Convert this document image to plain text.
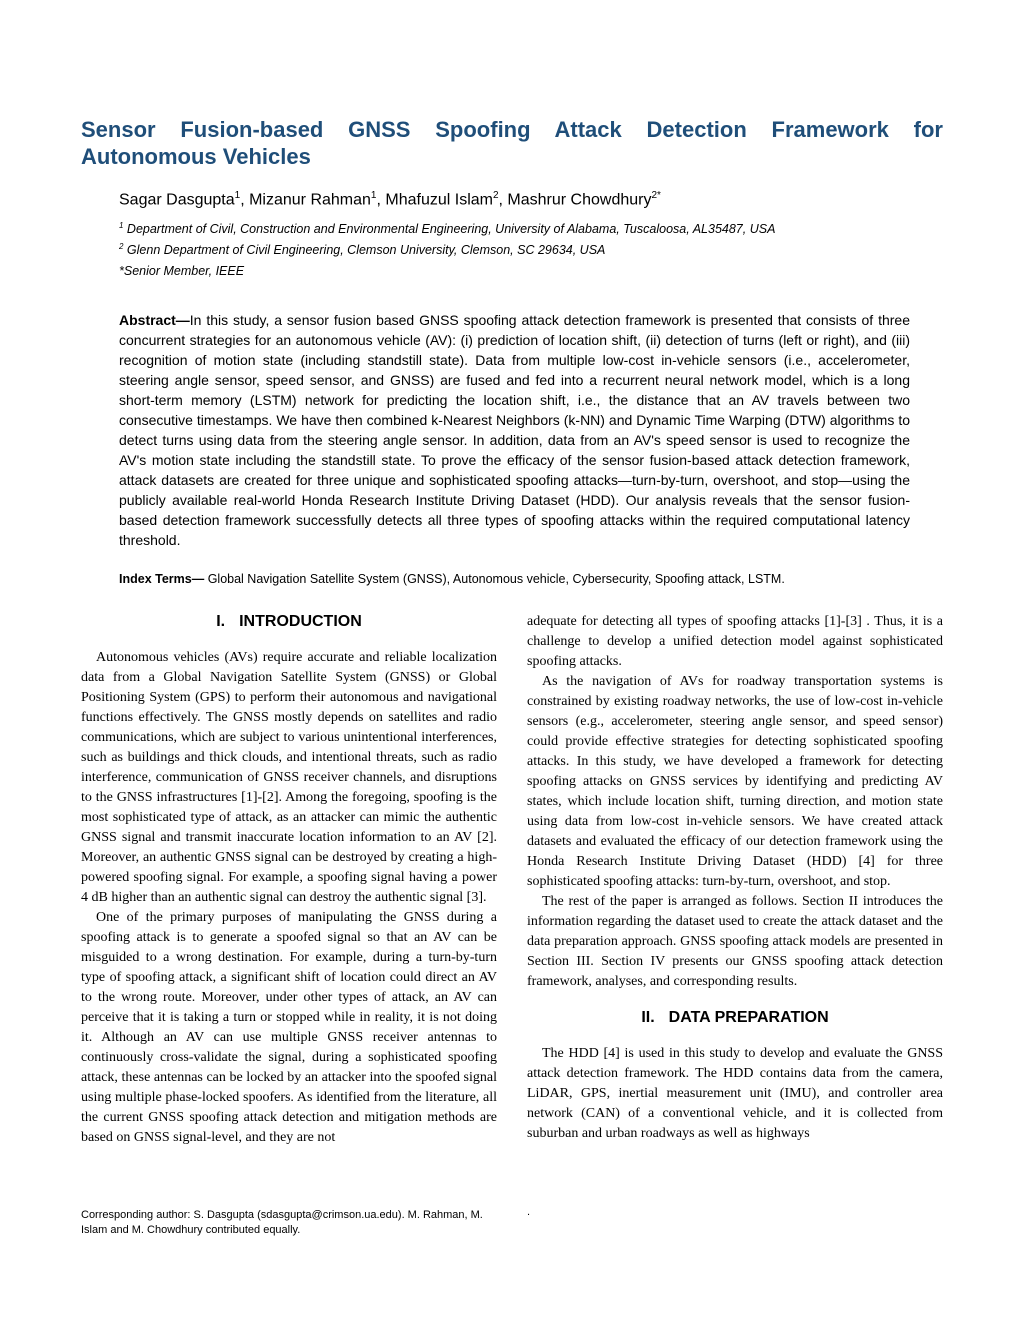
Sensor Fusion-based GNSS Spoofing Attack Detection Framework for Autonomous Vehicles

Sagar Dasgupta$^1$, Mizanur Rahman$^1$, Mhafuzul Islam$^2$, Mashrur Chowdhury$^{2*}$

$^1$ Department of Civil, Construction and Environmental Engineering, University of Alabama, Tuscaloosa, AL35487, USA
$^2$ Glenn Department of Civil Engineering, Clemson University, Clemson, SC 29634, USA
*Senior Member, IEEE

Abstract—In this study, a sensor fusion based GNSS spoofing attack detection framework is presented that consists of three concurrent strategies for an autonomous vehicle (AV): (i) prediction of location shift, (ii) detection of turns (left or right), and (iii) recognition of motion state (including standstill state). Data from multiple low-cost in-vehicle sensors (i.e., accelerometer, steering angle sensor, speed sensor, and GNSS) are fused and fed into a recurrent neural network model, which is a long short-term memory (LSTM) network for predicting the location shift, i.e., the distance that an AV travels between two consecutive timestamps. We have then combined k-Nearest Neighbors (k-NN) and Dynamic Time Warping (DTW) algorithms to detect turns using data from the steering angle sensor. In addition, data from an AV's speed sensor is used to recognize the AV's motion state including the standstill state. To prove the efficacy of the sensor fusion-based attack detection framework, attack datasets are created for three unique and sophisticated spoofing attacks—turn-by-turn, overshoot, and stop—using the publicly available real-world Honda Research Institute Driving Dataset (HDD). Our analysis reveals that the sensor fusion-based detection framework successfully detects all three types of spoofing attacks within the required computational latency threshold.

Index Terms— Global Navigation Satellite System (GNSS), Autonomous vehicle, Cybersecurity, Spoofing attack, LSTM.

I. INTRODUCTION

Autonomous vehicles (AVs) require accurate and reliable localization data from a Global Navigation Satellite System (GNSS) or Global Positioning System (GPS) to perform their autonomous and navigational functions effectively. The GNSS mostly depends on satellites and radio communications, which are subject to various unintentional interferences, such as buildings and thick clouds, and intentional threats, such as radio interference, communication of GNSS receiver channels, and disruptions to the GNSS infrastructures [1]-[2]. Among the foregoing, spoofing is the most sophisticated type of attack, as an attacker can mimic the authentic GNSS signal and transmit inaccurate location information to an AV [2]. Moreover, an authentic GNSS signal can be destroyed by creating a high-powered spoofing signal. For example, a spoofing signal having a power 4 dB higher than an authentic signal can destroy the authentic signal [3].

One of the primary purposes of manipulating the GNSS during a spoofing attack is to generate a spoofed signal so that an AV can be misguided to a wrong destination. For example, during a turn-by-turn type of spoofing attack, a significant shift of location could direct an AV to the wrong route. Moreover, under other types of attack, an AV can perceive that it is taking a turn or stopped while in reality, it is not doing it. Although an AV can use multiple GNSS receiver antennas to continuously cross-validate the signal, during a sophisticated spoofing attack, these antennas can be locked by an attacker into the spoofed signal using multiple phase-locked spoofers. As identified from the literature, all the current GNSS spoofing attack detection and mitigation methods are based on GNSS signal-level, and they are not

adequate for detecting all types of spoofing attacks [1]-[3] . Thus, it is a challenge to develop a unified detection model against sophisticated spoofing attacks.

As the navigation of AVs for roadway transportation systems is constrained by existing roadway networks, the use of low-cost in-vehicle sensors (e.g., accelerometer, steering angle sensor, and speed sensor) could provide effective strategies for detecting sophisticated spoofing attacks. In this study, we have developed a framework for detecting spoofing attacks on GNSS services by identifying and predicting AV states, which include location shift, turning direction, and motion state using data from low-cost in-vehicle sensors. We have created attack datasets and evaluated the efficacy of our detection framework using the Honda Research Institute Driving Dataset (HDD) [4] for three sophisticated spoofing attacks: turn-by-turn, overshoot, and stop.

The rest of the paper is arranged as follows. Section II introduces the information regarding the dataset used to create the attack dataset and the data preparation approach. GNSS spoofing attack models are presented in Section III. Section IV presents our GNSS spoofing attack detection framework, analyses, and corresponding results.

II. DATA PREPARATION

The HDD [4] is used in this study to develop and evaluate the GNSS attack detection framework. The HDD contains data from the camera, LiDAR, GPS, inertial measurement unit (IMU), and controller area network (CAN) of a conventional vehicle, and it is collected from suburban and urban roadways as well as highways

Corresponding author: S. Dasgupta (sdasgupta@crimson.ua.edu). M. Rahman, M. Islam and M. Chowdhury contributed equally.

.
